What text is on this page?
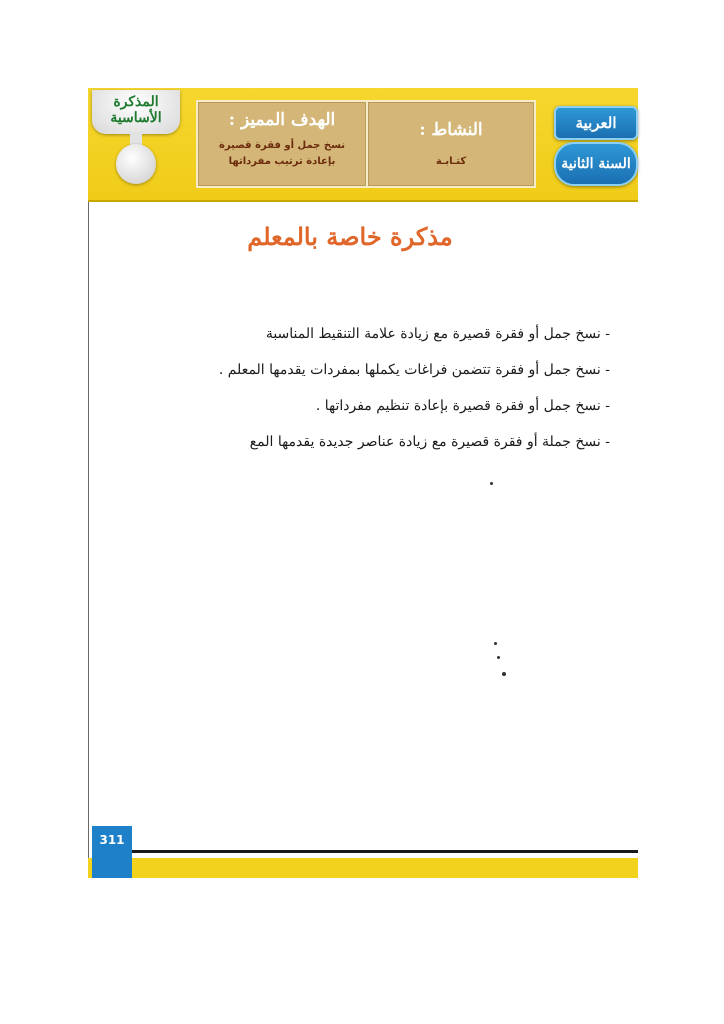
المذكرة الأساسية	الهدف المميز :
نسخ جمل أو فقرة قصيرة
بإعادة ترتيب مفرداتها
النشاط :
كتـابـة
العربية
السنة الثانية
مذكرة خاصة بالمعلم
- نسخ جمل أو فقرة قصيرة مع زيادة علامة التنقيط المناسبة
- نسخ جمل أو فقرة تتضمن فراغات يكملها بمفردات يقدمها المعلم .
- نسخ جمل أو فقرة قصيرة بإعادة تنظيم مفرداتها .
- نسخ جملة أو فقرة قصيرة مع زيادة عناصر جديدة يقدمها المع
311
